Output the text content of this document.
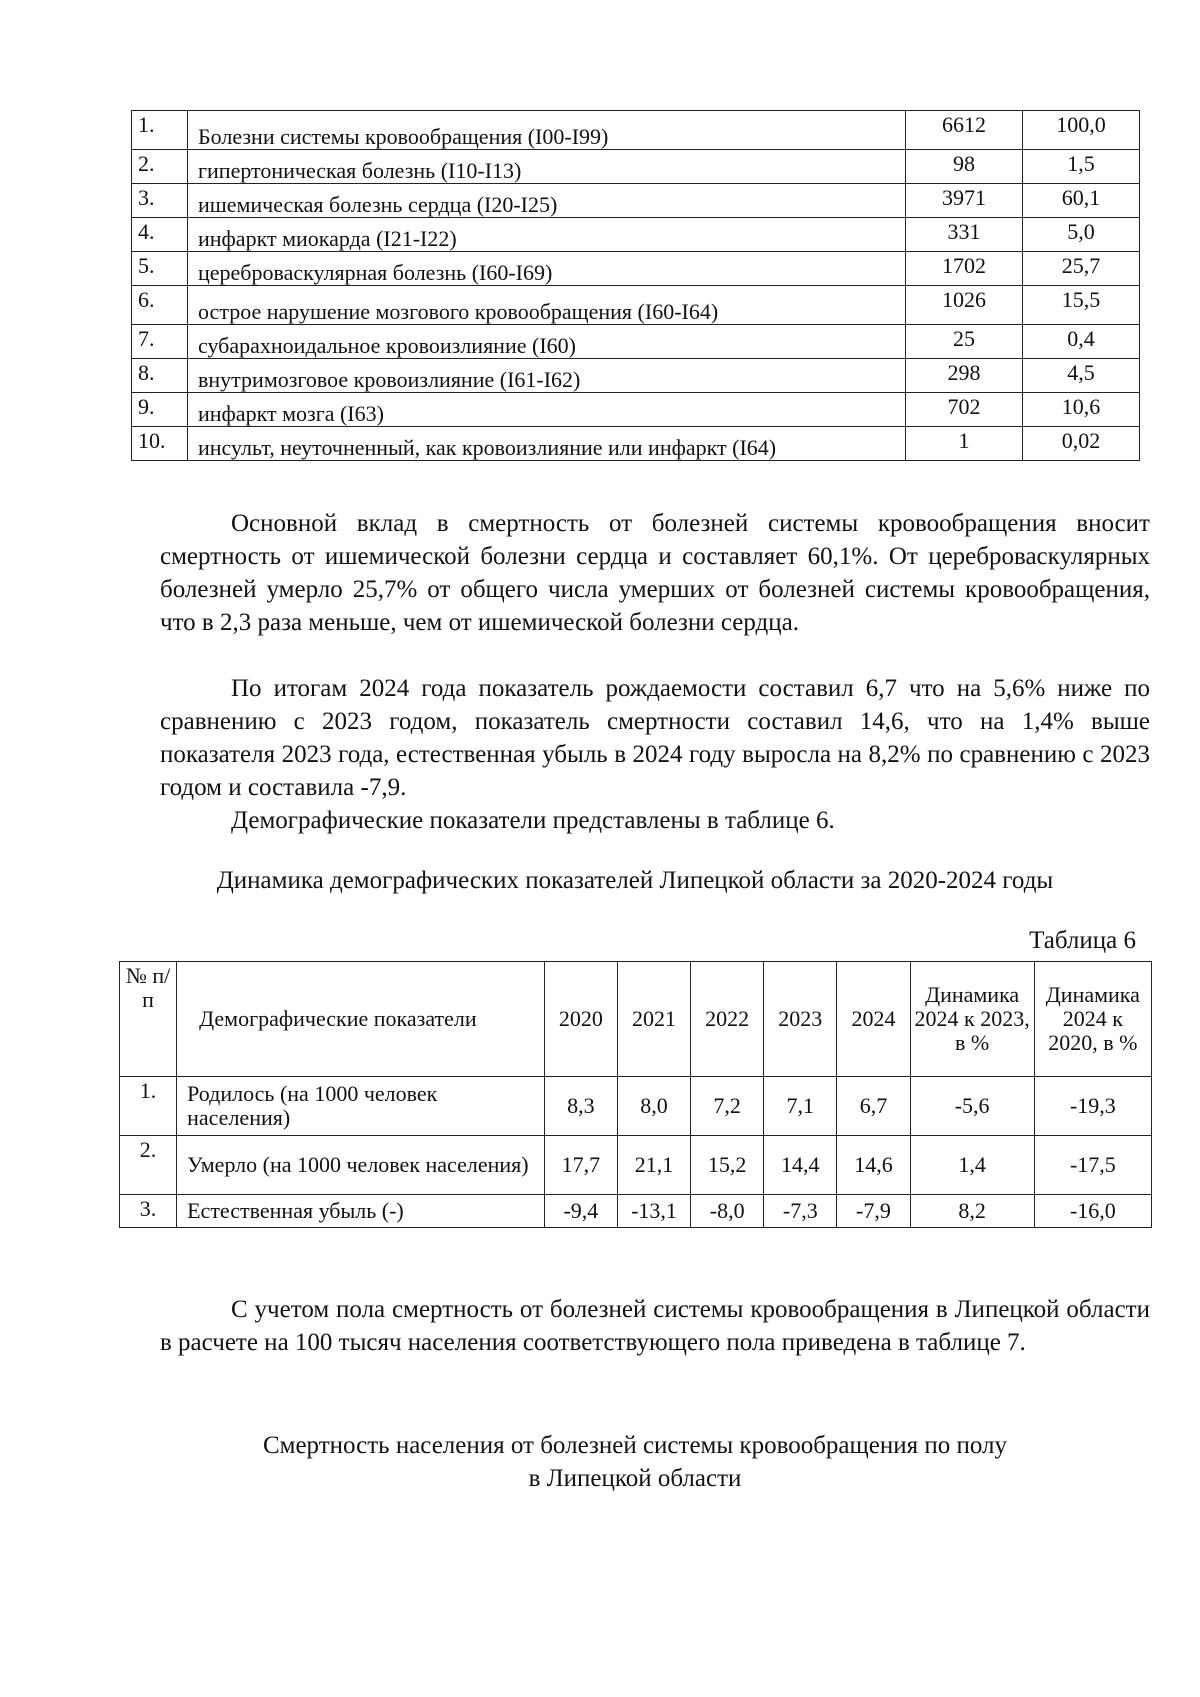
1.	Болезни системы кровообращения (I00-I99)	6612	100,0
2.	гипертоническая болезнь (I10-I13)	98	1,5
3.	ишемическая болезнь сердца (I20-I25)	3971	60,1
4.	инфаркт миокарда (I21-I22)	331	5,0
5.	цереброваскулярная болезнь (I60-I69)	1702	25,7
6.	острое нарушение мозгового кровообращения (I60-I64)	1026	15,5
7.	субарахноидальное кровоизлияние (I60)	25	0,4
8.	внутримозговое кровоизлияние (I61-I62)	298	4,5
9.	инфаркт мозга (I63)	702	10,6
10.	инсульт, неуточненный, как кровоизлияние или инфаркт (I64)	1	0,02

Основной вклад в смертность от болезней системы кровообращения вносит смертность от ишемической болезни сердца и составляет 60,1%. От цереброваскулярных болезней умерло 25,7% от общего числа умерших от болезней системы кровообращения, что в 2,3 раза меньше, чем от ишемической болезни сердца.

По итогам 2024 года показатель рождаемости составил 6,7 что на 5,6% ниже по сравнению с 2023 годом, показатель смертности составил 14,6, что на 1,4% выше показателя 2023 года, естественная убыль в 2024 году выросла на 8,2% по сравнению с 2023 годом и составила -7,9.

Демографические показатели представлены в таблице 6.

Динамика демографических показателей Липецкой области за 2020-2024 годы
Таблица 6
№ п/п	Демографические показатели	2020	2021	2022	2023	2024	Динамика 2024 к 2023, в %	Динамика 2024 к 2020, в %
1.	Родилось (на 1000 человек населения)	8,3	8,0	7,2	7,1	6,7	-5,6	-19,3
2.	Умерло (на 1000 человек населения)	17,7	21,1	15,2	14,4	14,6	1,4	-17,5
3.	Естественная убыль (-)	-9,4	-13,1	-8,0	-7,3	-7,9	8,2	-16,0

С учетом пола смертность от болезней системы кровообращения в Липецкой области в расчете на 100 тысяч населения соответствующего пола приведена в таблице 7.

Смертность населения от болезней системы кровообращения по полу
в Липецкой области
